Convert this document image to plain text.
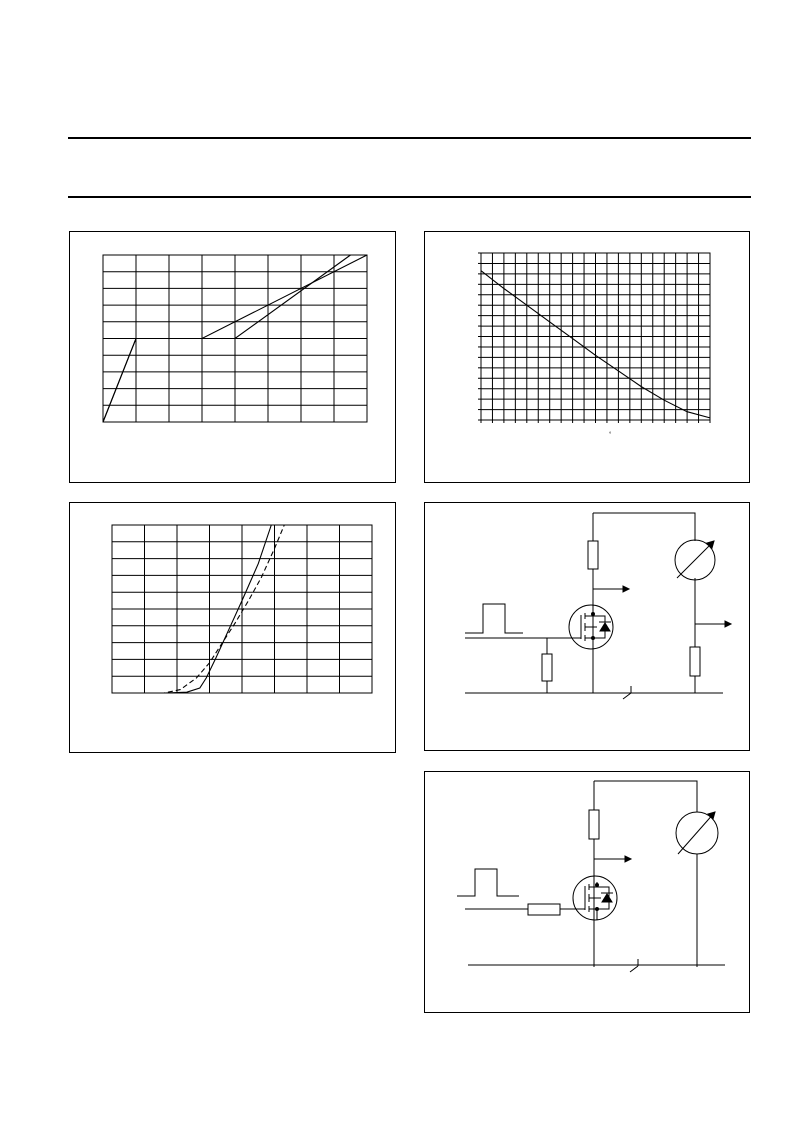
°
